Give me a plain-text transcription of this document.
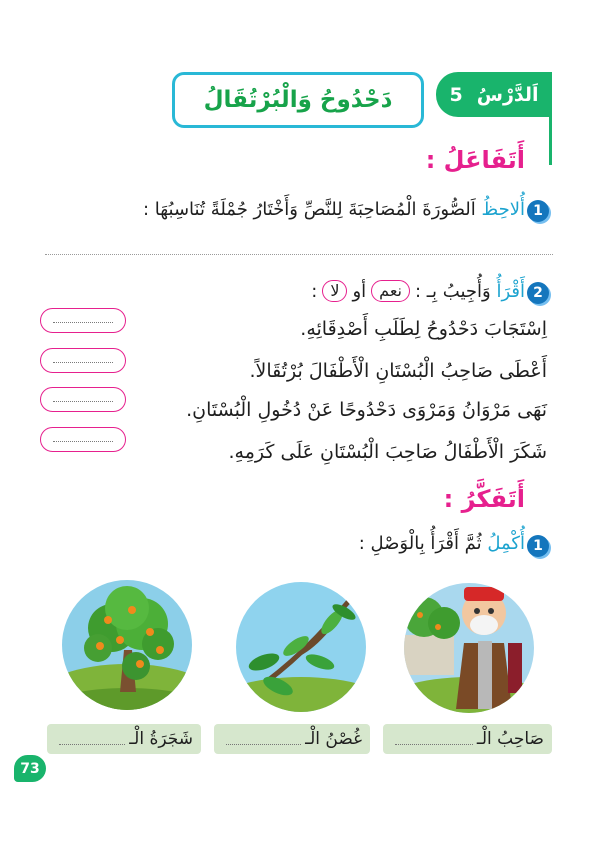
دَحْدُوحُ وَالْبُرْتُقَالُ	اَلدَّرْسُ
5
أَتَفَاعَلُ :
1
أُلاحِظُ اَلصُّورَةَ الْمُصَاحِبَةَ لِلنَّصِّ وَأَخْتَارُ جُمْلَةً تُنَاسِبُهَا :
2
أَقْرَأُ وَأُجِيبُ بِـ :
نعم
أو
لا
:
اِسْتَجَابَ دَحْدُوحُ لِطَلَبِ أَصْدِقَائِهِ.
أَعْطَى صَاحِبُ الْبُسْتَانِ الْأَطْفَالَ بُرْتُقَالاً.
نَهَى مَرْوَانُ وَمَرْوَى دَحْدُوحًا عَنْ دُخُولِ الْبُسْتَانِ.
شَكَرَ الْأَطْفَالُ صَاحِبَ الْبُسْتَانِ عَلَى كَرَمِهِ.
أَتَفَكَّرُ :
1
أُكْمِلُ ثُمَّ أَقْرَأُ بِالْوَصْلِ :
صَاحِبُ الْـ
غُصْنُ الْـ
شَجَرَةُ الْـ
73
